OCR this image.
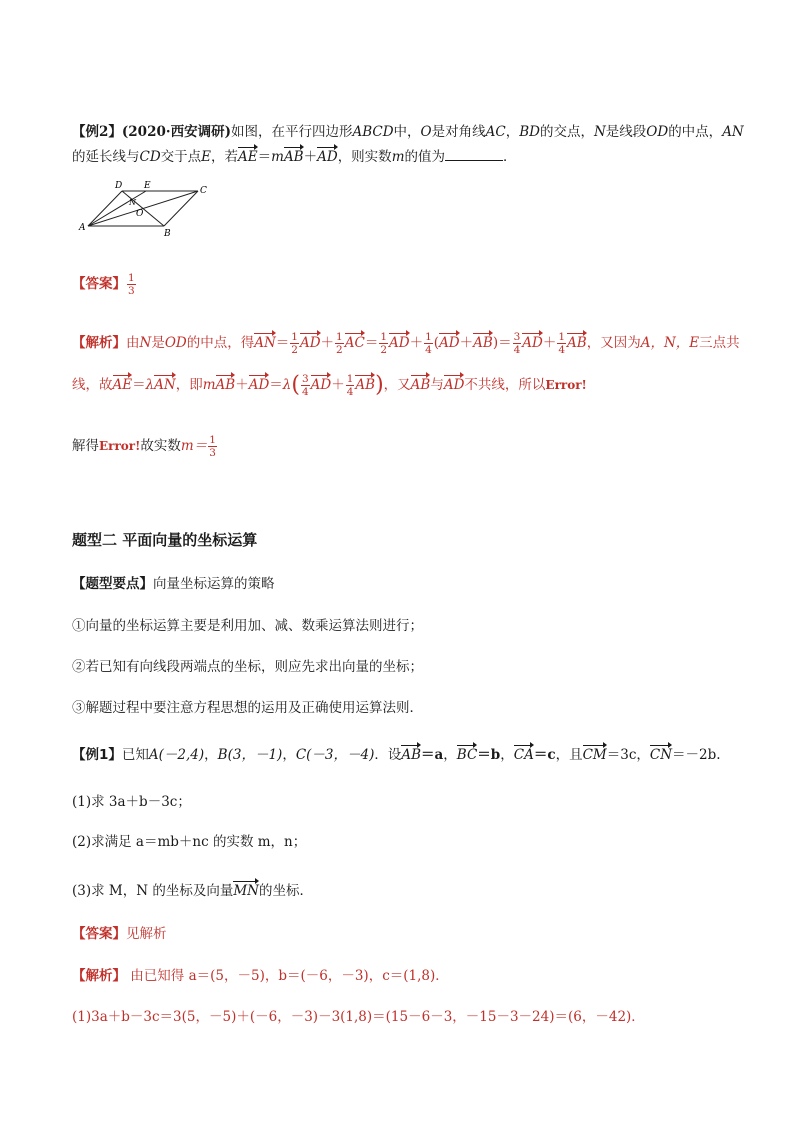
【例2】(2020·西安调研)如图，在平行四边形ABCD中，O是对角线AC，BD的交点，N是线段OD的中点，AN
的延长线与CD交于点E，若AE＝mAB＋AD，则实数m的值为	．
D E	C
O
N
A
B
【答案】 $\frac{1}{3}$
【解析】由N是OD的中点，得$AN= \frac{1}{2} AD+ \frac{1}{2} AC= \frac{1}{2} AD+ \frac{1}{4} (AD+AB)= \frac{3}{4} AD+ \frac{1}{4}$ AB，又因为A，N，E三点共
线，故AE＝λAN，即$mAB+AD=\lambda( \frac{3}{4} AD+ \frac{1}{4} AB)$，又AB与AD不共线，所以Error!
解得Error!故实数$m= \frac{1}{3}$
题型二 平面向量的坐标运算
【题型要点】向量坐标运算的策略
①向量的坐标运算主要是利用加、减、数乘运算法则进行；
②若已知有向线段两端点的坐标，则应先求出向量的坐标；
③解题过程中要注意方程思想的运用及正确使用运算法则．
【例1】已知A(－2,4)，B(3，－1)，C(－3，－4)．设AB＝a，BC＝b，CA＝c，且CM＝3c，CN＝－2b.
(1)求 3a＋b－3c；
(2)求满足 a＝mb＋nc 的实数 m，n；
(3)求 M，N 的坐标及向量MN的坐标．
【答案】见解析
【解析】 由已知得 a＝(5，－5)，b＝(－6，－3)，c＝(1,8)．
(1)3a＋b－3c＝3(5，－5)＋(－6，－3)－3(1,8)＝(15－6－3，－15－3－24)＝(6，－42)．
